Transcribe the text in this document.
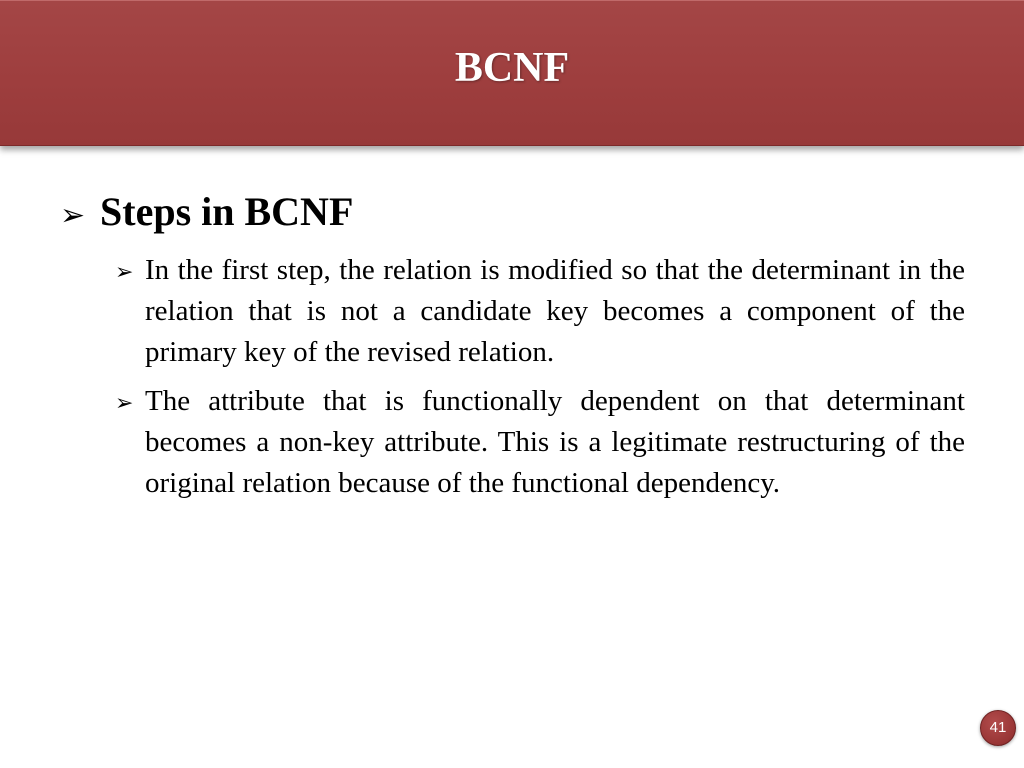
BCNF
➢ Steps in BCNF
➢ In the first step, the relation is modified so that the determinant in the relation that is not a candidate key becomes a component of the primary key of the revised relation.
➢ The attribute that is functionally dependent on that determinant becomes a non-key attribute. This is a legitimate restructuring of the original relation because of the functional dependency.
41
